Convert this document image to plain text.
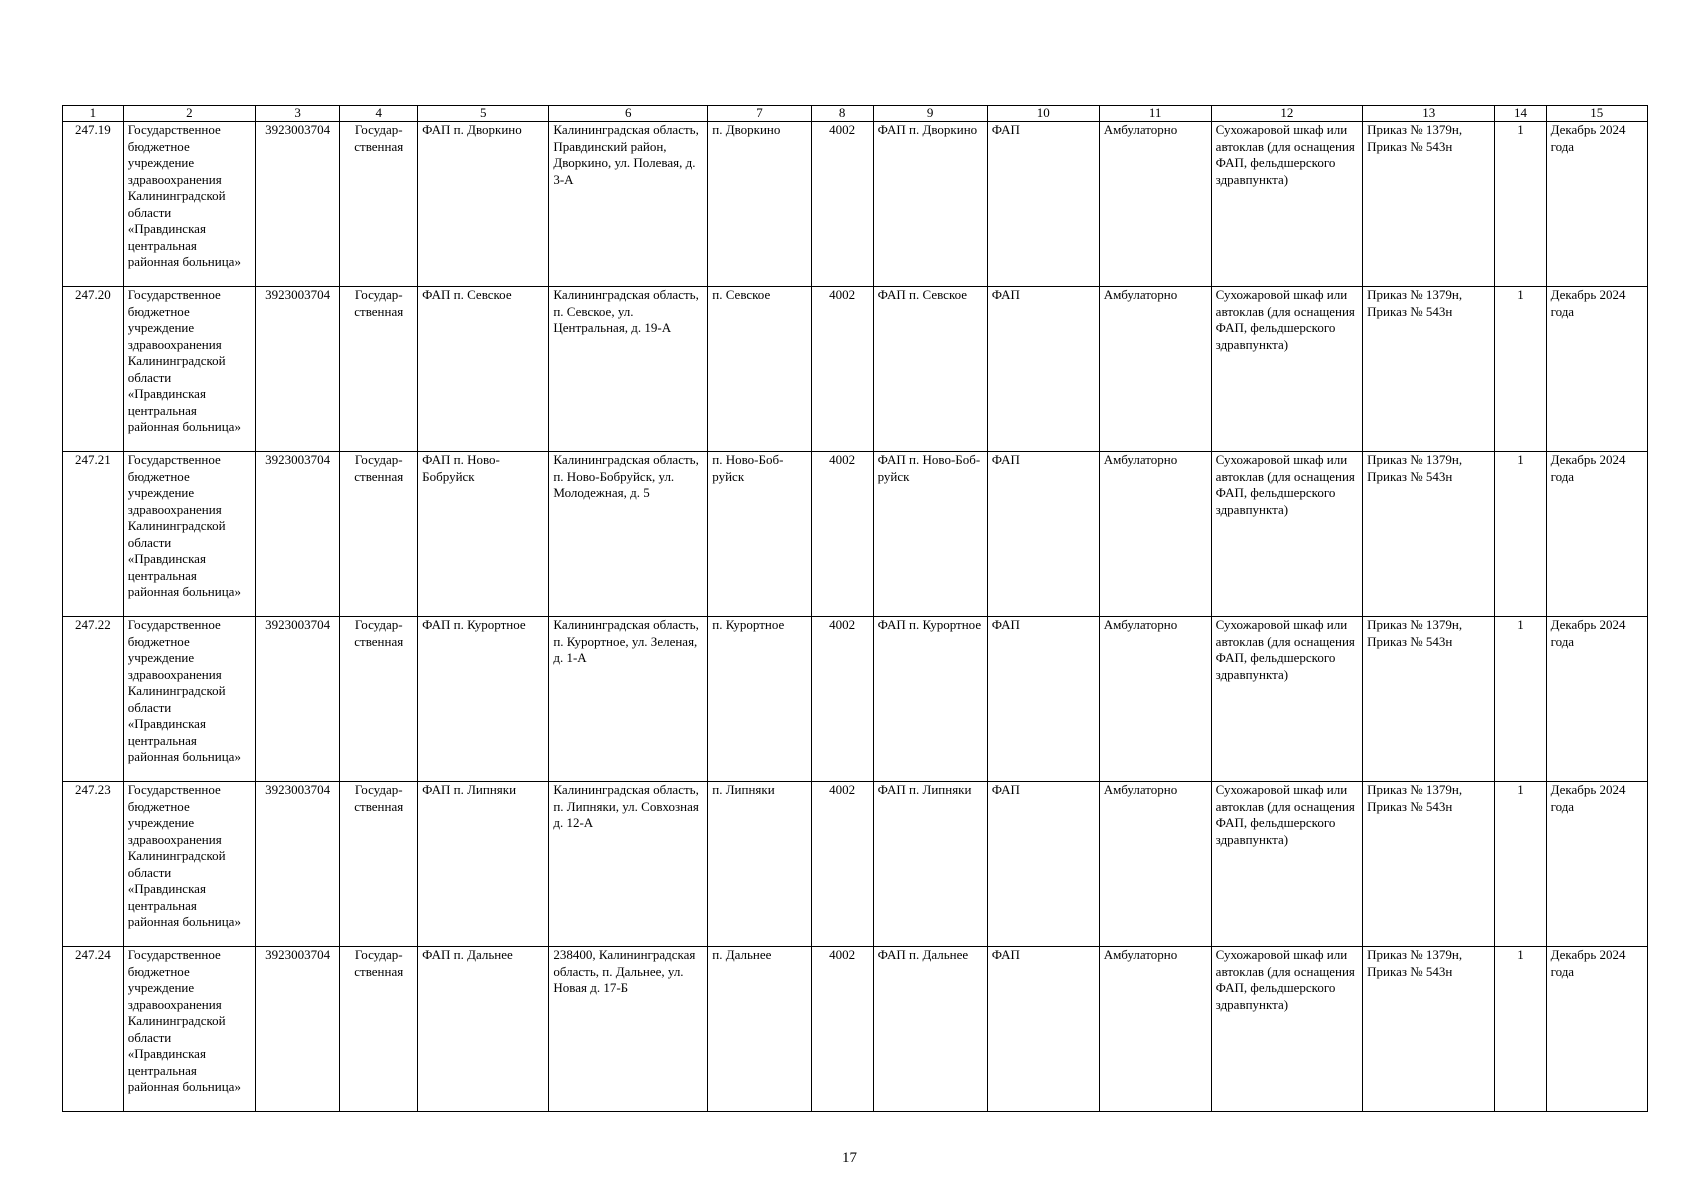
1	2	3	4	5	6	7	8	9	10	11	12	13	14	15
247.19	Государственное бюджетное учреждение здравоохранения Калининградской области «Правдинская центральная районная больница»	3923003704	Государ-ственная	ФАП п. Дворкино	Калининградская область, Правдинский район, Дворкино, ул. Полевая, д. 3-А	п. Дворкино	4002	ФАП п. Дворкино	ФАП	Амбулаторно	Сухожаровой шкаф или автоклав (для оснащения ФАП, фельдшерского здравпункта)	Приказ № 1379н, Приказ № 543н	1	Декабрь 2024 года
247.20	Государственное бюджетное учреждение здравоохранения Калининградской области «Правдинская центральная районная больница»	3923003704	Государ-ственная	ФАП п. Севское	Калининградская область, п. Севское, ул. Центральная, д. 19-А	п. Севское	4002	ФАП п. Севское	ФАП	Амбулаторно	Сухожаровой шкаф или автоклав (для оснащения ФАП, фельдшерского здравпункта)	Приказ № 1379н, Приказ № 543н	1	Декабрь 2024 года
247.21	Государственное бюджетное учреждение здравоохранения Калининградской области «Правдинская центральная районная больница»	3923003704	Государ-ственная	ФАП п. Ново-Бобруйск	Калининградская область, п. Ново-Бобруйск, ул. Молодежная, д. 5	п. Ново-Боб-руйск	4002	ФАП п. Ново-Боб-руйск	ФАП	Амбулаторно	Сухожаровой шкаф или автоклав (для оснащения ФАП, фельдшерского здравпункта)	Приказ № 1379н, Приказ № 543н	1	Декабрь 2024 года
247.22	Государственное бюджетное учреждение здравоохранения Калининградской области «Правдинская центральная районная больница»	3923003704	Государ-ственная	ФАП п. Курортное	Калининградская область, п. Курортное, ул. Зеленая, д. 1-А	п. Курортное	4002	ФАП п. Курортное	ФАП	Амбулаторно	Сухожаровой шкаф или автоклав (для оснащения ФАП, фельдшерского здравпункта)	Приказ № 1379н, Приказ № 543н	1	Декабрь 2024 года
247.23	Государственное бюджетное учреждение здравоохранения Калининградской области «Правдинская центральная районная больница»	3923003704	Государ-ственная	ФАП п. Липняки	Калининградская область, п. Липняки, ул. Совхозная д. 12-А	п. Липняки	4002	ФАП п. Липняки	ФАП	Амбулаторно	Сухожаровой шкаф или автоклав (для оснащения ФАП, фельдшерского здравпункта)	Приказ № 1379н, Приказ № 543н	1	Декабрь 2024 года
247.24	Государственное бюджетное учреждение здравоохранения Калининградской области «Правдинская центральная районная больница»	3923003704	Государ-ственная	ФАП п. Дальнее	238400, Калининградская область, п. Дальнее, ул. Новая д. 17-Б	п. Дальнее	4002	ФАП п. Дальнее	ФАП	Амбулаторно	Сухожаровой шкаф или автоклав (для оснащения ФАП, фельдшерского здравпункта)	Приказ № 1379н, Приказ № 543н	1	Декабрь 2024 года
17
